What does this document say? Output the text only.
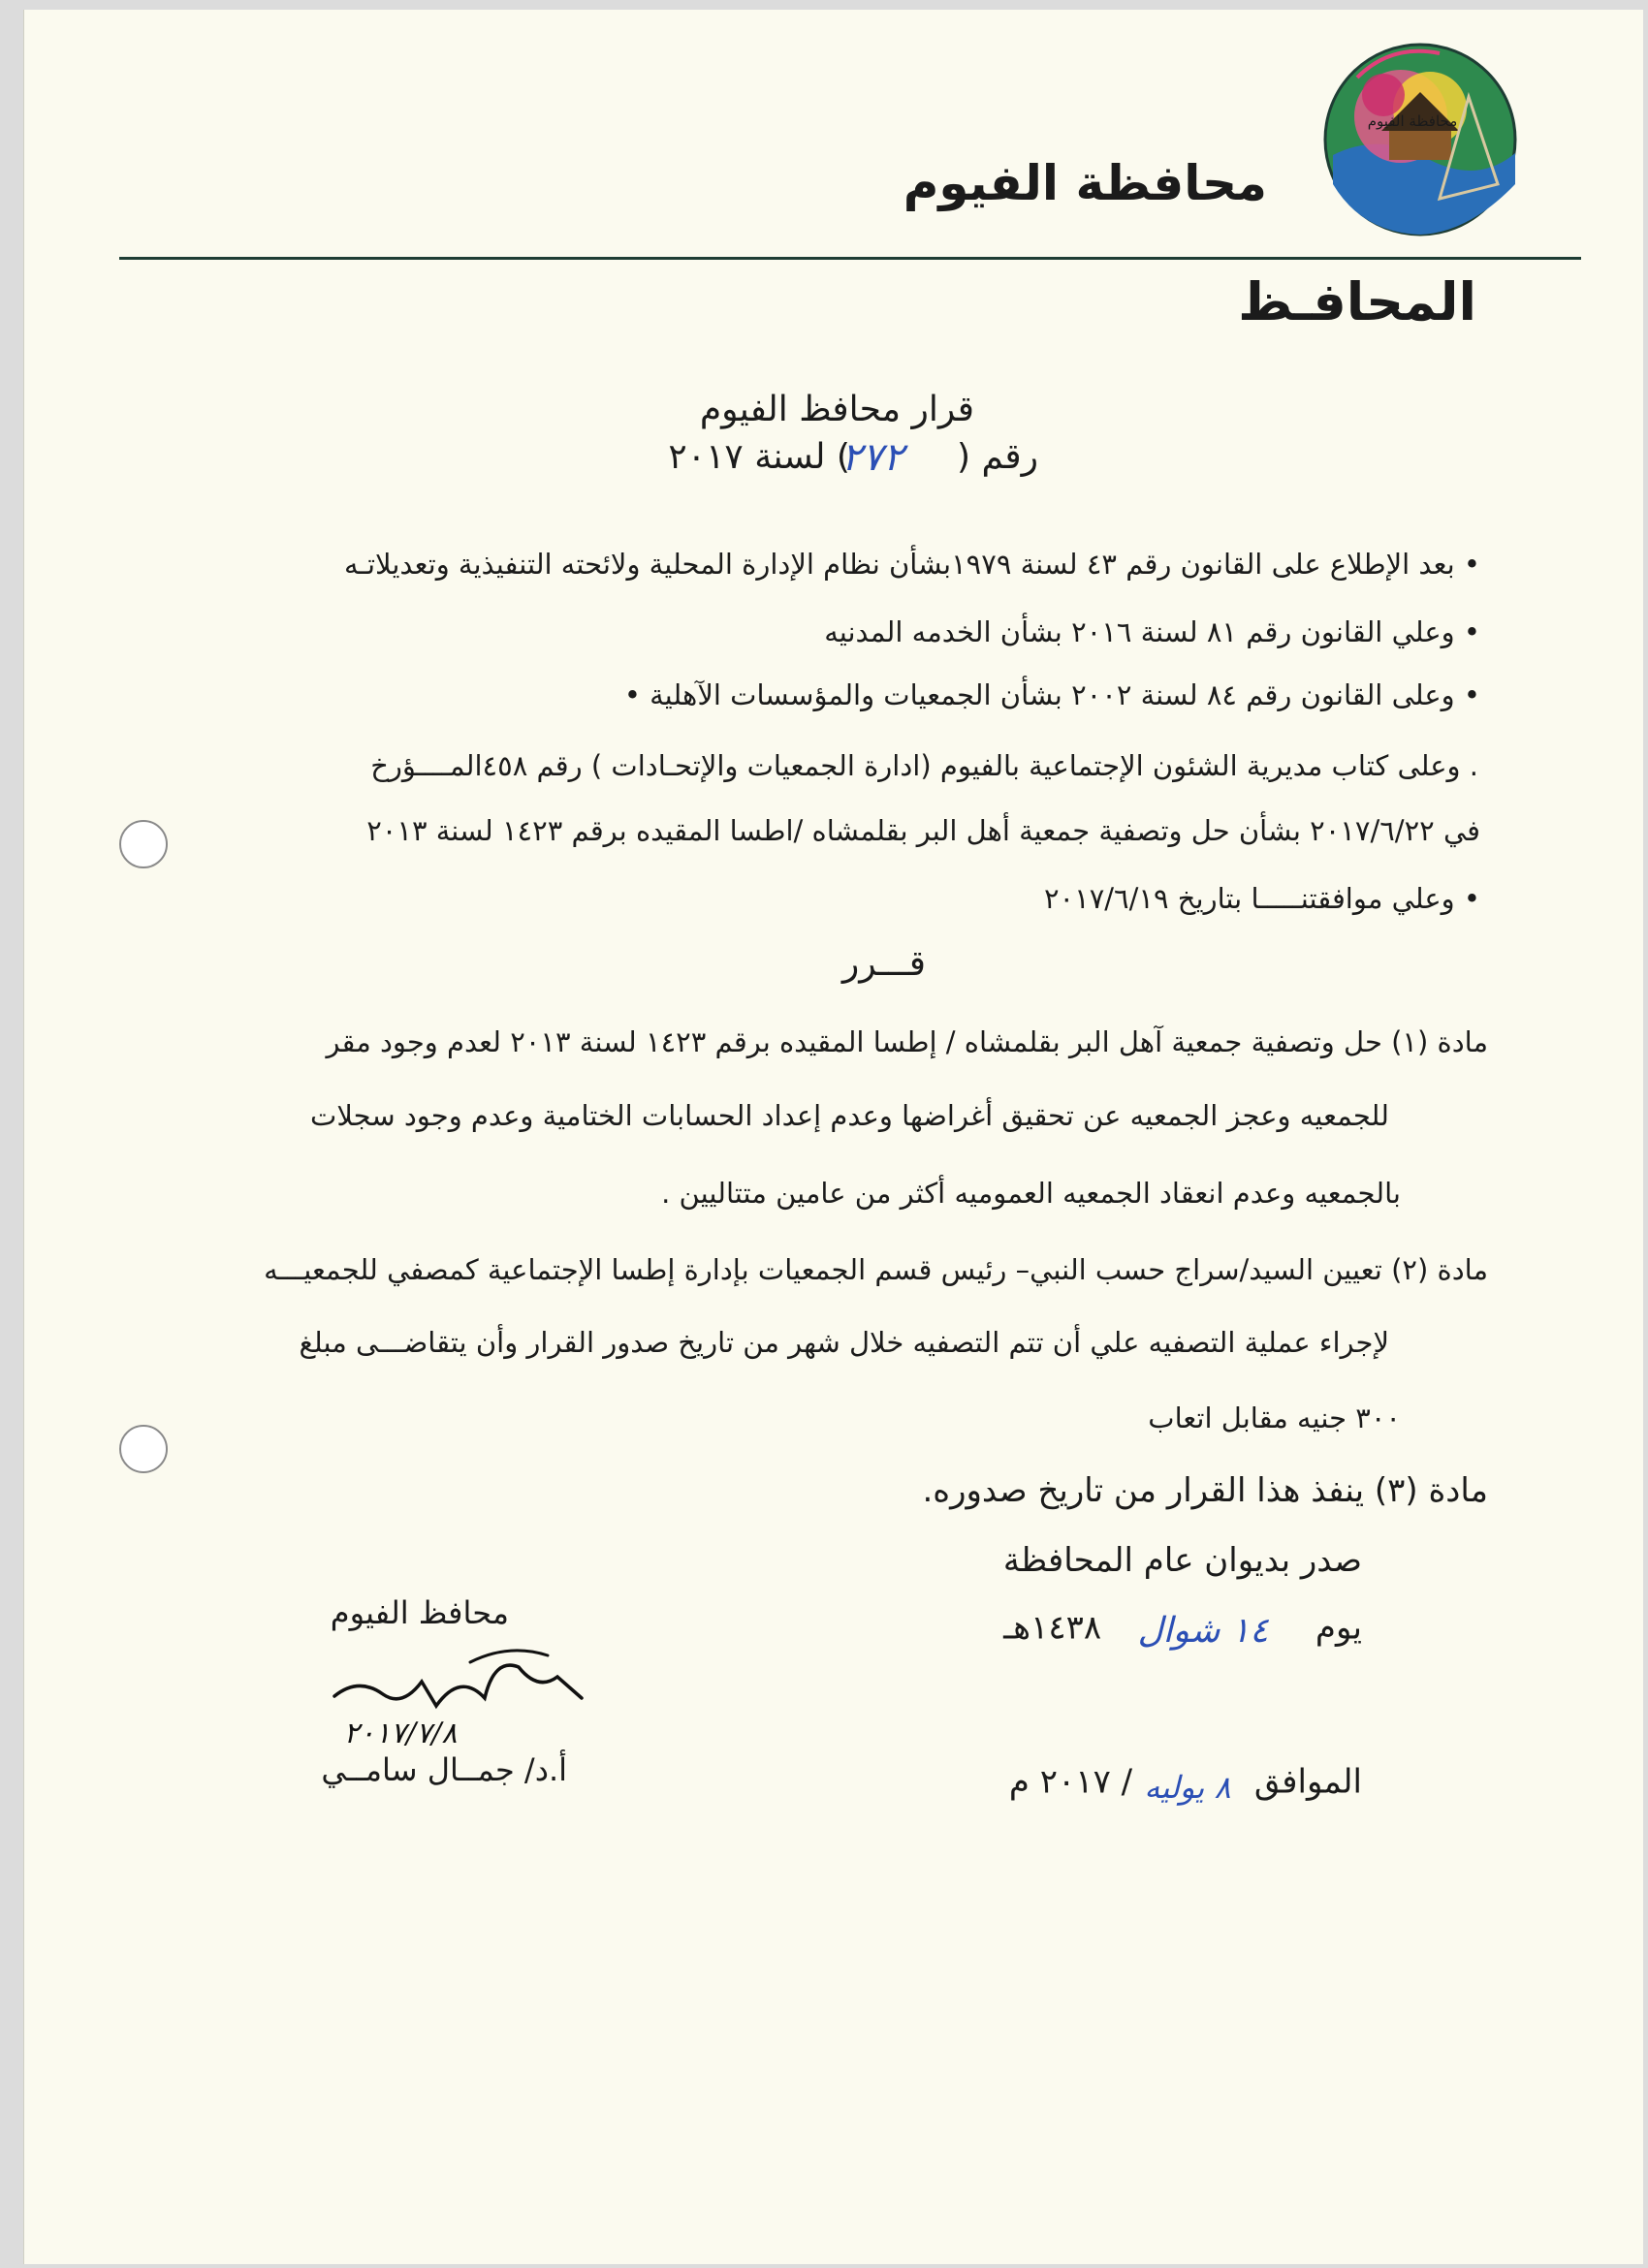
محافظة الفيوم
محافظة الفيوم
المحافـظ
قرار محافظ الفيوم
رقم () لسنة ٢٠١٧
٢٧٢
• بعد الإطلاع على القانون رقم ٤٣ لسنة ١٩٧٩بشأن نظام الإدارة المحلية ولائحته التنفيذية وتعديلاتـه
• وعلي القانون رقم ٨١ لسنة ٢٠١٦ بشأن الخدمه المدنيه
• وعلى القانون رقم ٨٤ لسنة ٢٠٠٢ بشأن الجمعيات والمؤسسات الآهلية •
. وعلى كتاب مديرية الشئون الإجتماعية بالفيوم (ادارة الجمعيات والإتحـادات ) رقم ٤٥٨المــــؤرخ
في ٢٠١٧/٦/٢٢ بشأن حل وتصفية جمعية أهل البر بقلمشاه /اطسا المقيده برقم ١٤٢٣ لسنة ٢٠١٣
• وعلي موافقتنـــــا بتاريخ ٢٠١٧/٦/١٩
قـــرر
مادة (١) حل وتصفية جمعية آهل البر بقلمشاه / إطسا المقيده برقم ١٤٢٣ لسنة ٢٠١٣ لعدم وجود مقر
للجمعيه وعجز الجمعيه عن تحقيق أغراضها وعدم إعداد الحسابات الختامية وعدم وجود سجلات
بالجمعيه وعدم انعقاد الجمعيه العموميه أكثر من عامين متتاليين .
مادة (٢) تعيين السيد/سراج حسب النبي– رئيس قسم الجمعيات بإدارة إطسا الإجتماعية كمصفي للجمعيـــه
لإجراء عملية التصفيه علي أن تتم التصفيه خلال شهر من تاريخ صدور القرار وأن يتقاضـــى مبلغ
٣٠٠ جنيه مقابل اتعاب
مادة (٣) ينفذ هذا القرار من تاريخ صدوره.
صدر بديوان عام المحافظة
يوم
١٤ شوال
١٤٣٨هـ
الموافق
٨ يوليه
/ ٢٠١٧ م
محافظ الفيوم
٢٠١٧/٧/٨
أ.د/ جمــال سامــي
